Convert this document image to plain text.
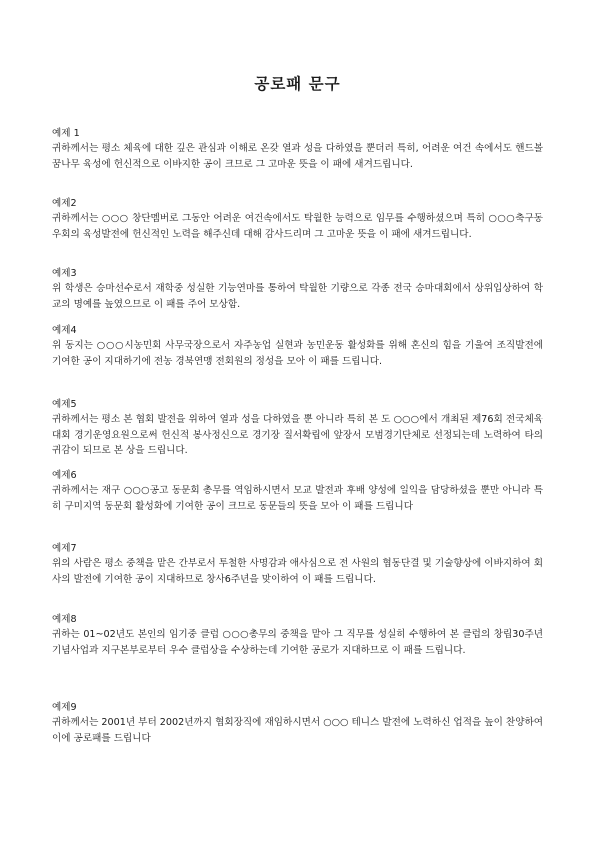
공로패 문구
예제 1
귀하께서는 평소 체육에 대한 깊은 관심과 이해로 온갖 열과 성을 다하였을 뿐더러 특히, 어려운 여건 속에서도 핸드볼 꿈나무 육성에 헌신적으로 이바지한 공이 크므로 그 고마운 뜻을 이 패에 새겨드립니다.
예제2
귀하께서는 ○○○ 창단멤버로 그동안 어려운 여건속에서도 탁월한 능력으로 임무를 수행하셨으며 특히 ○○○축구동우회의 육성발전에 헌신적인 노력을 해주신데 대해 감사드리며 그 고마운 뜻을 이 패에 새겨드립니다.
예제3
위 학생은 승마선수로서 재학중 성실한 기능연마를 통하여 탁월한 기량으로 각종 전국 승마대회에서 상위입상하여 학교의 명예를 높였으므로 이 패를 주어 모상함.
예제4
위 동지는 ○○○시농민회 사무국장으로서 자주농업 실현과 농민운동 활성화를 위해 혼신의 힘을 기울여 조직발전에 기여한 공이 지대하기에 전농 경북연맹 전회원의 정성을 모아 이 패를 드립니다.
예제5
귀하께서는 평소 본 협회 발전을 위하여 열과 성을 다하였을 뿐 아니라 특히 본 도 ○○○에서 개최된 제76회 전국체육대회 경기운영요원으로써 헌신적 봉사정신으로 경기장 질서확립에 앞장서 모범경기단체로 선정되는데 노력하여 타의 귀감이 되므로 본 상을 드립니다.
예제6
귀하께서는 재구 ○○○공고 동문회 총무를 역임하시면서 모교 발전과 후배 양성에 일익을 담당하셨을 뿐만 아니라 특히 구미지역 동문회 활성화에 기여한 공이 크므로 동문들의 뜻을 모아 이 패를 드립니다
예제7
위의 사람은 평소 중책을 맡은 간부로서 투철한 사명감과 애사심으로 전 사원의 협동단결 및 기술향상에 이바지하여 회사의 발전에 기여한 공이 지대하므로 창사6주년을 맞이하여 이 패를 드립니다.
예제8
귀하는 01~02년도 본인의 임기중 클럽 ○○○총무의 중책을 맡아 그 직무를 성실히 수행하여 본 클럽의 창립30주년 기념사업과 지구본부로부터 우수 클럽상을 수상하는데 기여한 공로가 지대하므로 이 패를 드립니다.
예제9
귀하께서는 2001년 부터 2002년까지 협회장직에 재임하시면서 ○○○ 테니스 발전에 노력하신 업적을 높이 찬양하여 이에 공로패를 드립니다
